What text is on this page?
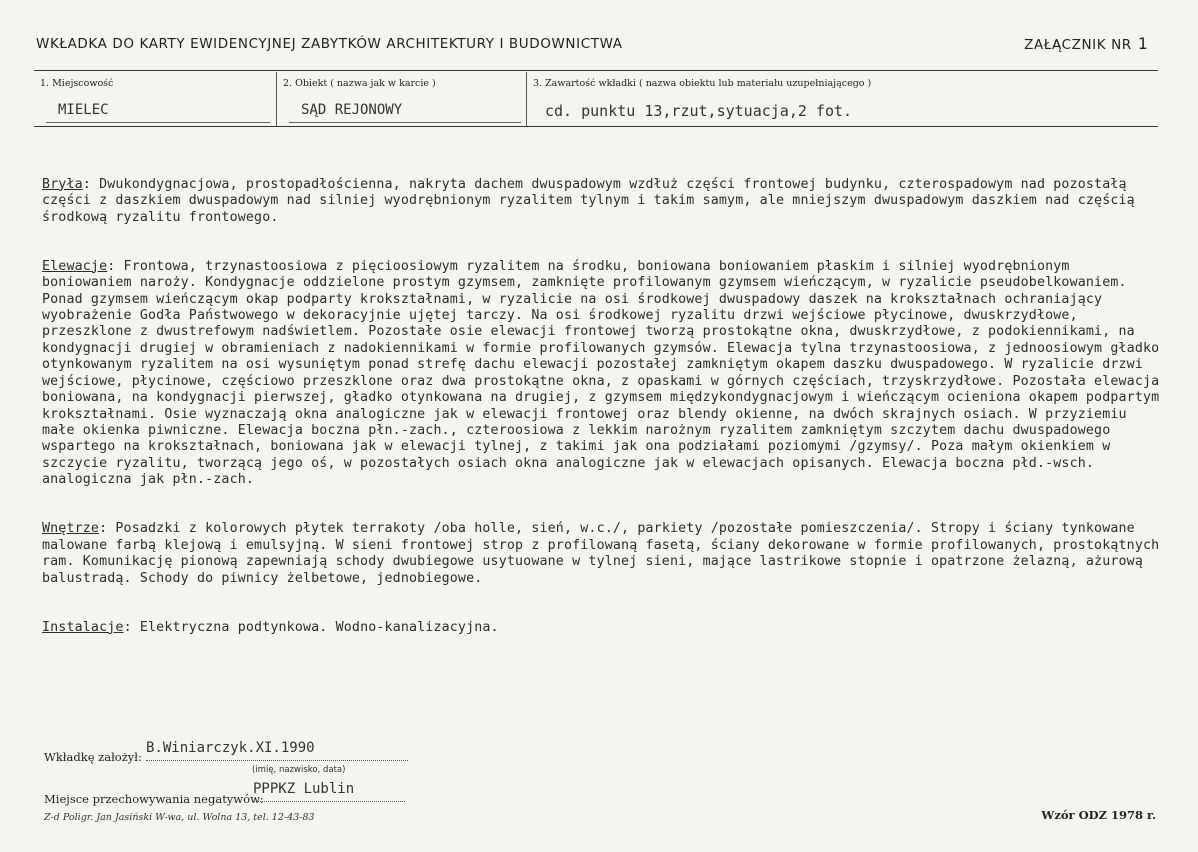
WKŁADKA DO KARTY EWIDENCYJNEJ ZABYTKÓW ARCHITEKTURY I BUDOWNICTWA	ZAŁĄCZNIK NR 1
1. Miejscowość
MIELEC
2. Obiekt ( nazwa jak w karcie )
SĄD REJONOWY
3. Zawartość wkładki ( nazwa obiektu lub materiału uzupełniającego )
cd. punktu 13,rzut,sytuacja,2 fot.

Bryła: Dwukondygnacjowa, prostopadłościenna, nakryta dachem dwuspadowym wzdłuż części frontowej budynku, czterospadowym nad pozostałą części z daszkiem dwuspadowym nad silniej wyodrębnionym ryzalitem tylnym i takim samym, ale mniejszym dwuspadowym daszkiem nad częścią środkową ryzalitu frontowego.

Elewacje: Frontowa, trzynastoosiowa z pięcioosiowym ryzalitem na środku, boniowana boniowaniem płaskim i silniej wyodrębnionym boniowaniem naroży. Kondygnacje oddzielone prostym gzymsem, zamknięte profilowanym gzymsem wieńczącym, w ryzalicie pseudobelkowaniem. Ponad gzymsem wieńczącym okap podparty krokształnami, w ryzalicie na osi środkowej dwuspadowy daszek na krokształnach ochraniający wyobrażenie Godła Państwowego w dekoracyjnie ujętej tarczy. Na osi środkowej ryzalitu drzwi wejściowe płycinowe, dwuskrzydłowe, przeszklone z dwustrefowym nadświetlem. Pozostałe osie elewacji frontowej tworzą prostokątne okna, dwuskrzydłowe, z podokiennikami, na kondygnacji drugiej w obramieniach z nadokiennikami w formie profilowanych gzymsów. Elewacja tylna trzynastoosiowa, z jednoosiowym gładko otynkowanym ryzalitem na osi wysuniętym ponad strefę dachu elewacji pozostałej zamkniętym okapem daszku dwuspadowego. W ryzalicie drzwi wejściowe, płycinowe, częściowo przeszklone oraz dwa prostokątne okna, z opaskami w górnych częściach, trzyskrzydłowe. Pozostała elewacja boniowana, na kondygnacji pierwszej, gładko otynkowana na drugiej, z gzymsem międzykondygnacjowym i wieńczącym ocieniona okapem podpartym krokształnami. Osie wyznaczają okna analogiczne jak w elewacji frontowej oraz blendy okienne, na dwóch skrajnych osiach. W przyziemiu małe okienka piwniczne. Elewacja boczna płn.-zach., czteroosiowa z lekkim narożnym ryzalitem zamkniętym szczytem dachu dwuspadowego wspartego na krokształnach, boniowana jak w elewacji tylnej, z takimi jak ona podziałami poziomymi /gzymsy/. Poza małym okienkiem w szczycie ryzalitu, tworzącą jego oś, w pozostałych osiach okna analogiczne jak w elewacjach opisanych. Elewacja boczna płd.-wsch. analogiczna jak płn.-zach.

Wnętrze: Posadzki z kolorowych płytek terrakoty /oba holle, sień, w.c./, parkiety /pozostałe pomieszczenia/. Stropy i ściany tynkowane malowane farbą klejową i emulsyjną. W sieni frontowej strop z profilowaną fasetą, ściany dekorowane w formie profilowanych, prostokątnych ram. Komunikację pionową zapewniają schody dwubiegowe usytuowane w tylnej sieni, mające lastrikowe stopnie i opatrzone żelazną, ażurową balustradą. Schody do piwnicy żelbetowe, jednobiegowe.

Instalacje: Elektryczna podtynkowa. Wodno-kanalizacyjna.

Wkładkę założył:
B.Winiarczyk.XI.1990
(imię, nazwisko, data)
Miejsce przechowywania negatywów:
PPPKZ Lublin
Z-d Poligr. Jan Jasiński W-wa, ul. Wolna 13, tel. 12-43-83	Wzór ODZ 1978 r.
